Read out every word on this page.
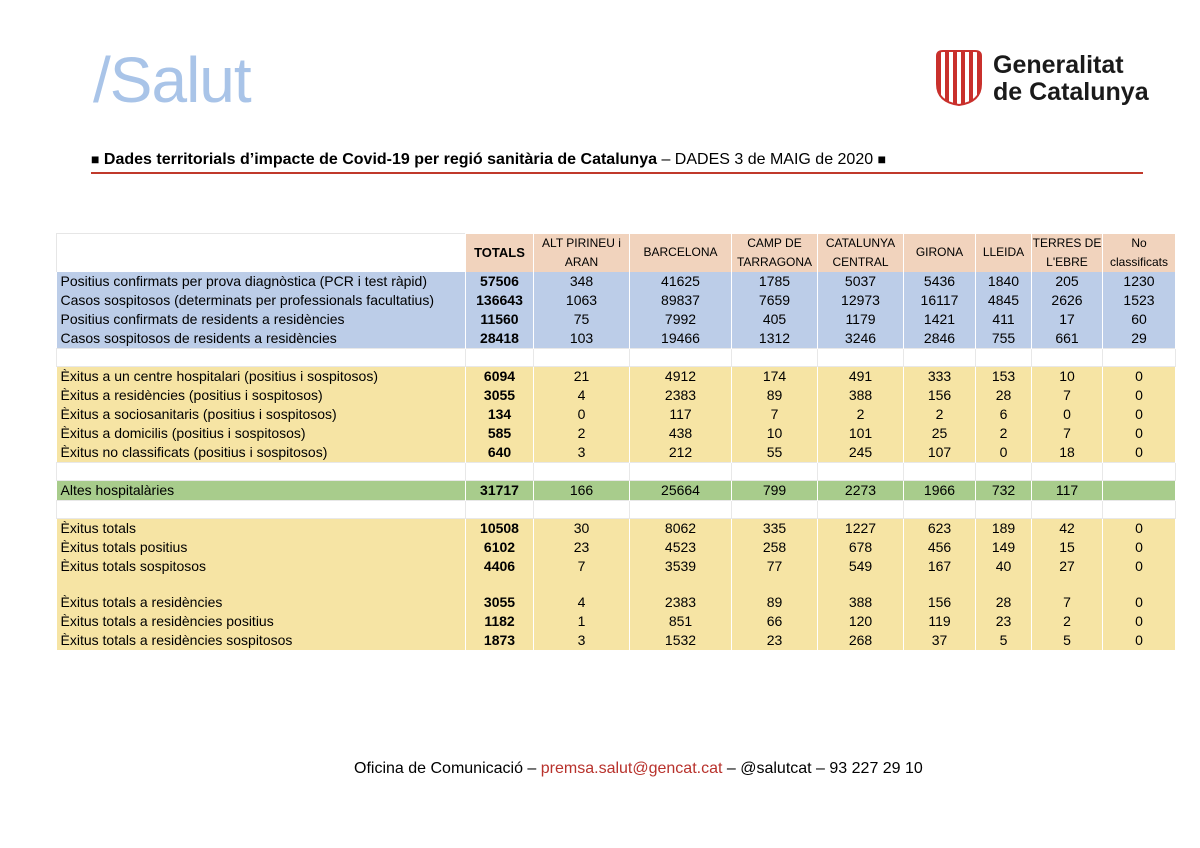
/Salut	Generalitat
de Catalunya
■ Dades territorials d’impacte de Covid-19 per regió sanitària de Catalunya – DADES 3 de MAIG de 2020 ■
	TOTALS	ALT PIRINEU i ARAN	BARCELONA	CAMP DE TARRAGONA	CATALUNYA CENTRAL	GIRONA	LLEIDA	TERRES DE L'EBRE	No classificats
Positius confirmats per prova diagnòstica (PCR i test ràpid)	57506	348	41625	1785	5037	5436	1840	205	1230
Casos sospitosos (determinats per professionals facultatius)	136643	1063	89837	7659	12973	16117	4845	2626	1523
Positius confirmats de residents a residències	11560	75	7992	405	1179	1421	411	17	60
Casos sospitosos de residents a residències	28418	103	19466	1312	3246	2846	755	661	29

Èxitus a un centre hospitalari (positius i sospitosos)	6094	21	4912	174	491	333	153	10	0
Èxitus a residències (positius i sospitosos)	3055	4	2383	89	388	156	28	7	0
Èxitus a sociosanitaris (positius i sospitosos)	134	0	117	7	2	2	6	0	0
Èxitus a domicilis (positius i sospitosos)	585	2	438	10	101	25	2	7	0
Èxitus no classificats (positius i sospitosos)	640	3	212	55	245	107	0	18	0

Altes hospitalàries	31717	166	25664	799	2273	1966	732	117	

Èxitus totals	10508	30	8062	335	1227	623	189	42	0
Èxitus totals positius	6102	23	4523	258	678	456	149	15	0
Èxitus totals sospitosos	4406	7	3539	77	549	167	40	27	0

Èxitus totals a residències	3055	4	2383	89	388	156	28	7	0
Èxitus totals a residències positius	1182	1	851	66	120	119	23	2	0
Èxitus totals a residències sospitosos	1873	3	1532	23	268	37	5	5	0
Oficina de Comunicació – premsa.salut@gencat.cat – @salutcat – 93 227 29 10
